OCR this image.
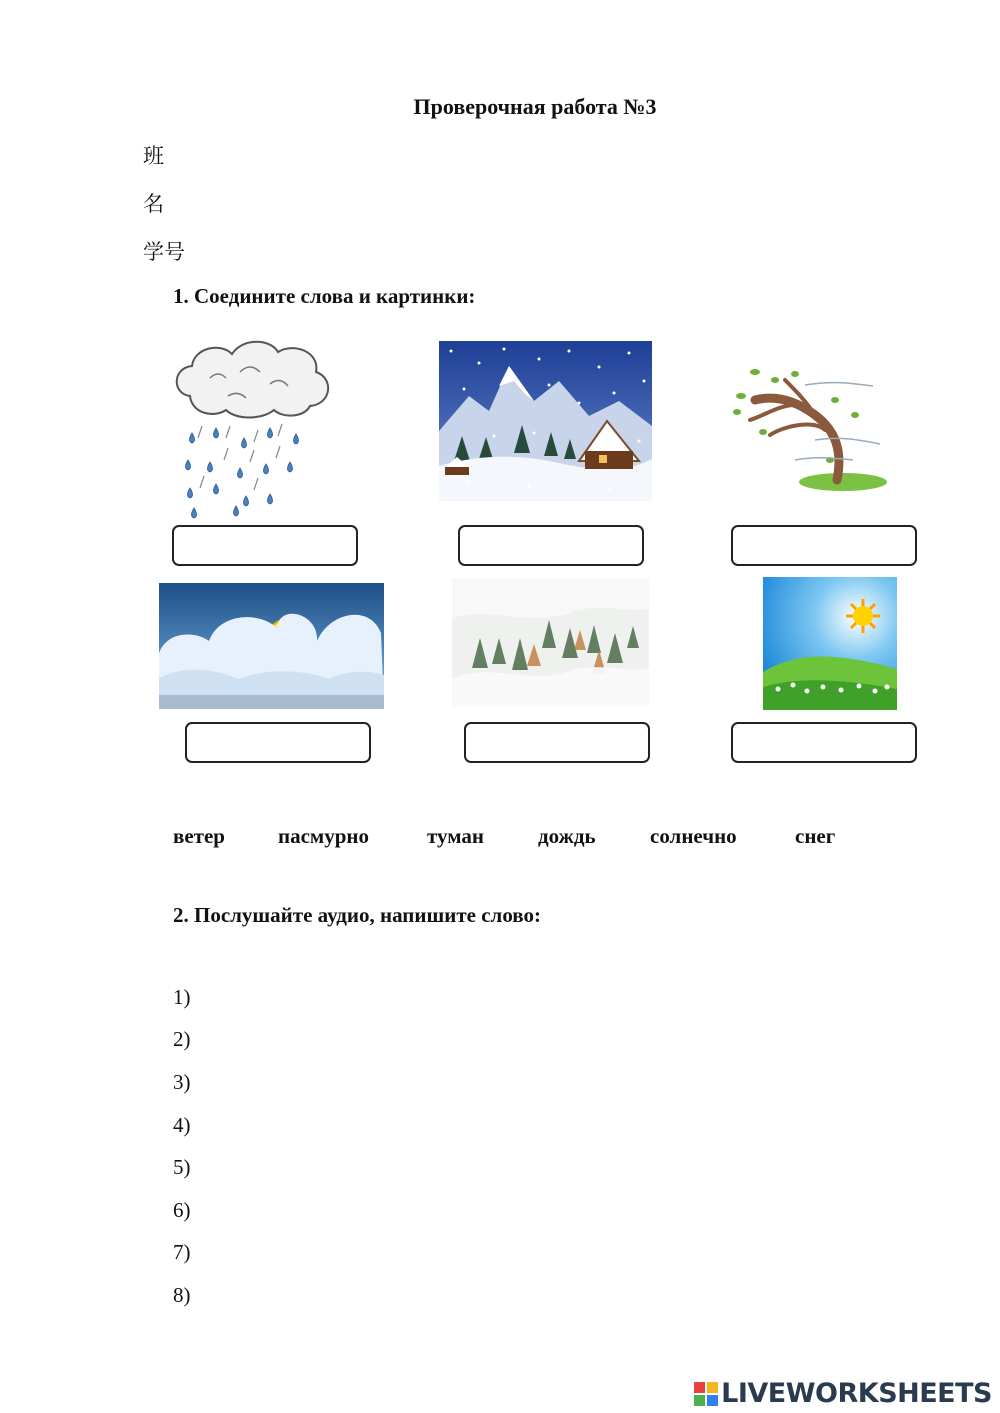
Проверочная работа №3
班
名
学号
1. Соедините слова и картинки:
ветер	пасмурно	туман	дождь	солнечно	снег
2. Послушайте аудио, напишите слово:
1)
2)
3)
4)
5)
6)
7)
8)
LIVEWORKSHEETS
